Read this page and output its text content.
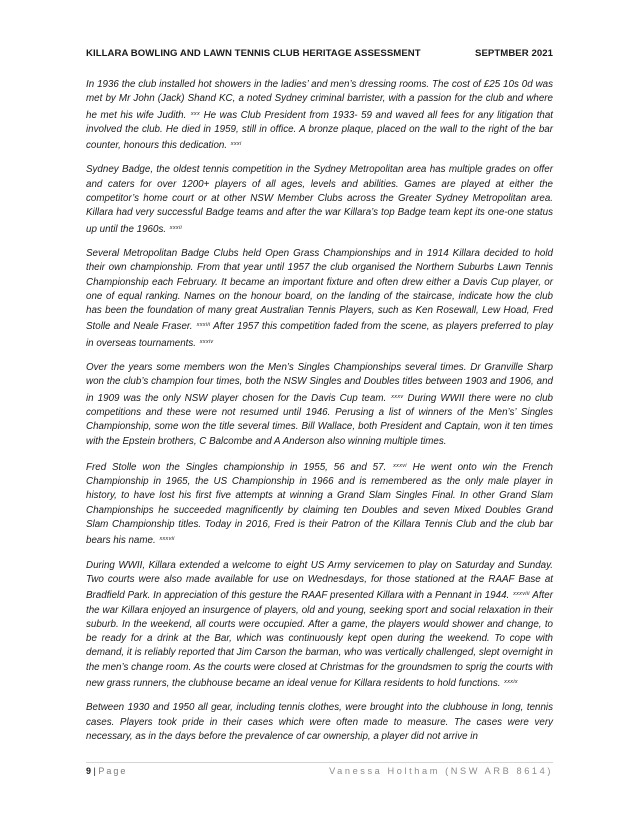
KILLARA BOWLING AND LAWN TENNIS CLUB HERITAGE ASSESSMENT	SEPTMBER 2021

In 1936 the club installed hot showers in the ladies’ and men’s dressing rooms. The cost of £25 10s 0d was met by Mr John (Jack) Shand KC, a noted Sydney criminal barrister, with a passion for the club and where he met his wife Judith. $^{xxx}$ He was Club President from 1933- 59 and waved all fees for any litigation that involved the club. He died in 1959, still in office. A bronze plaque, placed on the wall to the right of the bar counter, honours this dedication. $^{xxxi}$

Sydney Badge, the oldest tennis competition in the Sydney Metropolitan area has multiple grades on offer and caters for over 1200+ players of all ages, levels and abilities. Games are played at either the competitor’s home court or at other NSW Member Clubs across the Greater Sydney Metropolitan area. Killara had very successful Badge teams and after the war Killara’s top Badge team kept its one-one status up until the 1960s. $^{xxxii}$

Several Metropolitan Badge Clubs held Open Grass Championships and in 1914 Killara decided to hold their own championship. From that year until 1957 the club organised the Northern Suburbs Lawn Tennis Championship each February. It became an important fixture and often drew either a Davis Cup player, or one of equal ranking. Names on the honour board, on the landing of the staircase, indicate how the club has been the foundation of many great Australian Tennis Players, such as Ken Rosewall, Lew Hoad, Fred Stolle and Neale Fraser. $^{xxxiii}$ After 1957 this competition faded from the scene, as players preferred to play in overseas tournaments. $^{xxxiv}$

Over the years some members won the Men’s Singles Championships several times. Dr Granville Sharp won the club’s champion four times, both the NSW Singles and Doubles titles between 1903 and 1906, and in 1909 was the only NSW player chosen for the Davis Cup team. $^{xxxv}$ During WWII there were no club competitions and these were not resumed until 1946. Perusing a list of winners of the Men’s’ Singles Championship, some won the title several times. Bill Wallace, both President and Captain, won it ten times with the Epstein brothers, C Balcombe and A Anderson also winning multiple times.

Fred Stolle won the Singles championship in 1955, 56 and 57. $^{xxxvi}$ He went onto win the French Championship in 1965, the US Championship in 1966 and is remembered as the only male player in history, to have lost his first five attempts at winning a Grand Slam Singles Final. In other Grand Slam Championships he succeeded magnificently by claiming ten Doubles and seven Mixed Doubles Grand Slam Championship titles. Today in 2016, Fred is their Patron of the Killara Tennis Club and the club bar bears his name. $^{xxxvii}$

During WWII, Killara extended a welcome to eight US Army servicemen to play on Saturday and Sunday. Two courts were also made available for use on Wednesdays, for those stationed at the RAAF Base at Bradfield Park. In appreciation of this gesture the RAAF presented Killara with a Pennant in 1944. $^{xxxviii}$ After the war Killara enjoyed an insurgence of players, old and young, seeking sport and social relaxation in their suburb. In the weekend, all courts were occupied. After a game, the players would shower and change, to be ready for a drink at the Bar, which was continuously kept open during the weekend. To cope with demand, it is reliably reported that Jim Carson the barman, who was vertically challenged, slept overnight in the men’s change room. As the courts were closed at Christmas for the groundsmen to sprig the courts with new grass runners, the clubhouse became an ideal venue for Killara residents to hold functions. $^{xxxix}$

Between 1930 and 1950 all gear, including tennis clothes, were brought into the clubhouse in long, tennis cases. Players took pride in their cases which were often made to measure. The cases were very necessary, as in the days before the prevalence of car ownership, a player did not arrive in

9 | Page	Vanessa Holtham (NSW ARB 8614)
